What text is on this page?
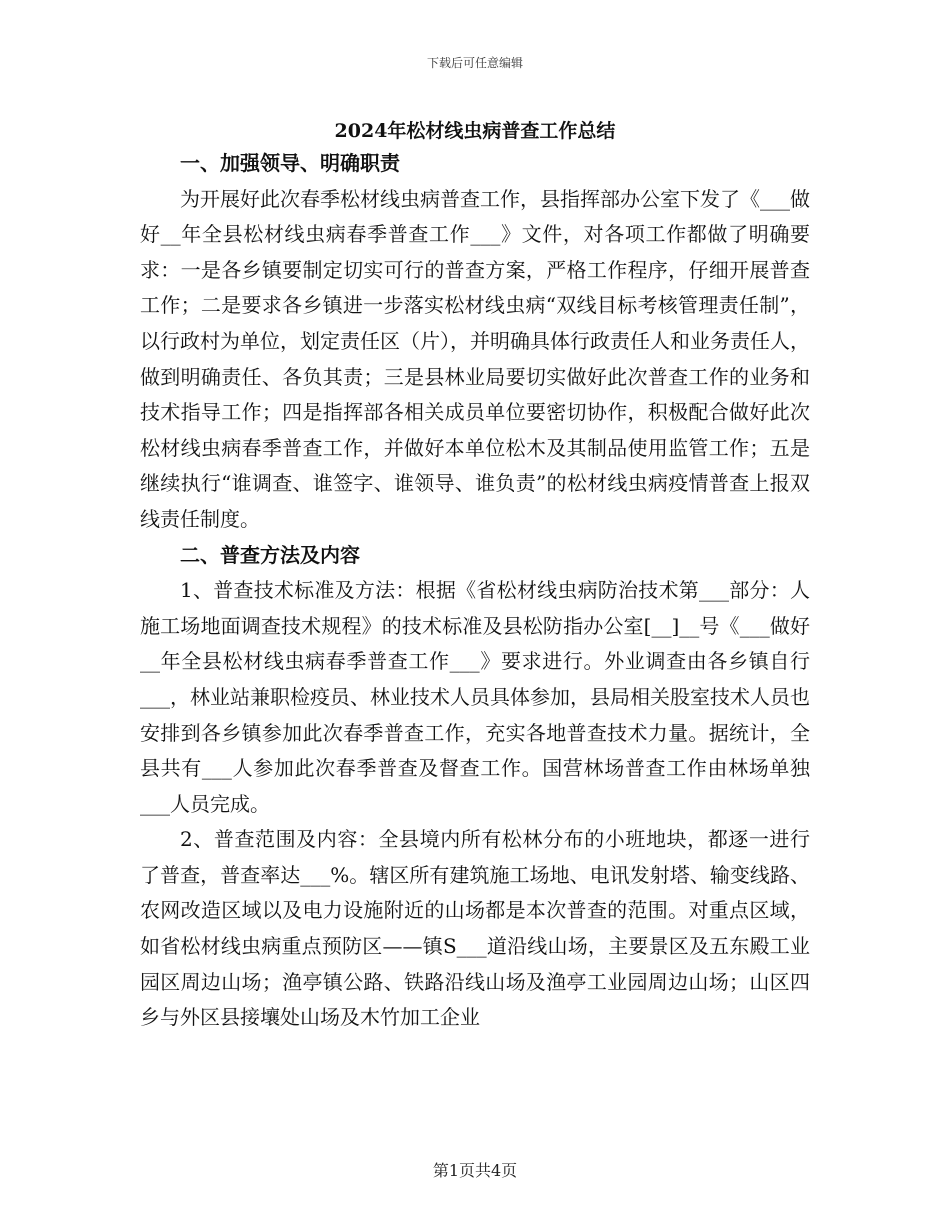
下载后可任意编辑
2024年松材线虫病普查工作总结

一、加强领导、明确职责

为开展好此次春季松材线虫病普查工作，县指挥部办公室下发了《___做好__年全县松材线虫病春季普查工作___》文件，对各项工作都做了明确要求：一是各乡镇要制定切实可行的普查方案，严格工作程序，仔细开展普查工作；二是要求各乡镇进一步落实松材线虫病“双线目标考核管理责任制”，以行政村为单位，划定责任区（片），并明确具体行政责任人和业务责任人，做到明确责任、各负其责；三是县林业局要切实做好此次普查工作的业务和技术指导工作；四是指挥部各相关成员单位要密切协作，积极配合做好此次松材线虫病春季普查工作，并做好本单位松木及其制品使用监管工作；五是继续执行“谁调查、谁签字、谁领导、谁负责”的松材线虫病疫情普查上报双线责任制度。

二、普查方法及内容

1、普查技术标准及方法：根据《省松材线虫病防治技术第___部分：人施工场地面调查技术规程》的技术标准及县松防指办公室[__]__号《___做好__年全县松材线虫病春季普查工作___》要求进行。外业调查由各乡镇自行___，林业站兼职检疫员、林业技术人员具体参加，县局相关股室技术人员也安排到各乡镇参加此次春季普查工作，充实各地普查技术力量。据统计，全县共有___人参加此次春季普查及督查工作。国营林场普查工作由林场单独___人员完成。

2、普查范围及内容：全县境内所有松林分布的小班地块，都逐一进行了普查，普查率达___%。辖区所有建筑施工场地、电讯发射塔、输变线路、农网改造区域以及电力设施附近的山场都是本次普查的范围。对重点区域，如省松材线虫病重点预防区——镇S___道沿线山场，主要景区及五东殿工业园区周边山场；渔亭镇公路、铁路沿线山场及渔亭工业园周边山场；山区四乡与外区县接壤处山场及木竹加工企业

第1页共4页
